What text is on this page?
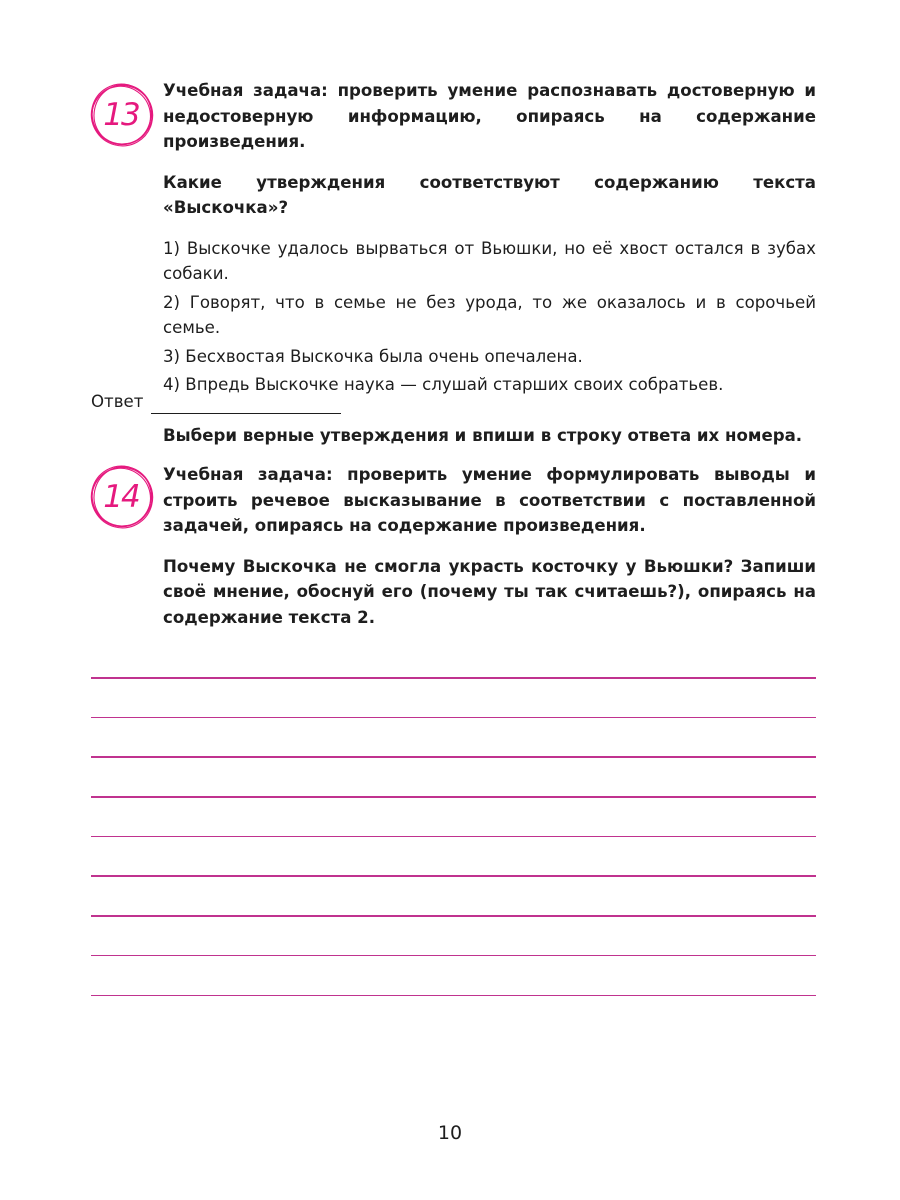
13

Учебная задача: проверить умение распознавать достоверную и недостоверную информацию, опираясь на содержание произведения.

Какие утверждения соответствуют содержанию текста «Выскочка»?

1) Выскочке удалось вырваться от Вьюшки, но её хвост остался в зубах собаки.

2) Говорят, что в семье не без урода, то же оказалось и в сорочьей семье.

3) Бесхвостая Выскочка была очень опечалена.

4) Впредь Выскочке наука — слушай старших своих собратьев.

Выбери верные утверждения и впиши в строку ответа их номера.

Ответ
14

Учебная задача: проверить умение формулировать выводы и строить речевое высказывание в соответствии с поставленной задачей, опираясь на содержание произведения.

Почему Выскочка не смогла украсть косточку у Вьюшки? Запиши своё мнение, обоснуй его (почему ты так считаешь?), опираясь на содержание текста 2.

10
